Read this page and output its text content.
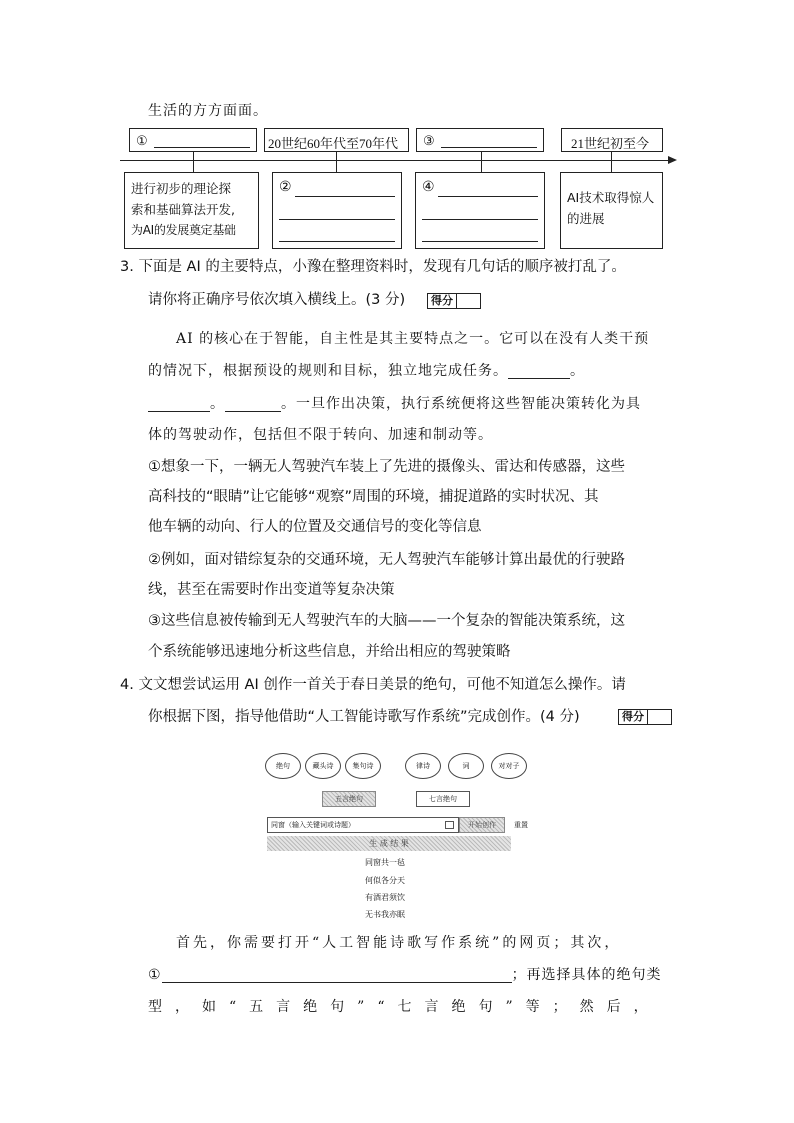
生活的方方面面。
①	20世纪60年代至70年代 ③	21世纪初至今
进行初步的理论探
索和基础算法开发,
为AI的发展奠定基础
②	④
AI技术取得惊人
的进展
3. 下面是 AI 的主要特点，小豫在整理资料时，发现有几句话的顺序被打乱了。
请你将正确序号依次填入横线上。(3 分) 得分
AI 的核心在于智能，自主性是其主要特点之一。它可以在没有人类干预
的情况下，根据预设的规则和目标，独立地完成任务。	。
。	。一旦作出决策，执行系统便将这些智能决策转化为具
体的驾驶动作，包括但不限于转向、加速和制动等。
①想象一下，一辆无人驾驶汽车装上了先进的摄像头、雷达和传感器，这些
高科技的“眼睛”让它能够“观察”周围的环境，捕捉道路的实时状况、其
他车辆的动向、行人的位置及交通信号的变化等信息
②例如，面对错综复杂的交通环境，无人驾驶汽车能够计算出最优的行驶路
线，甚至在需要时作出变道等复杂决策
③这些信息被传输到无人驾驶汽车的大脑——一个复杂的智能决策系统，这
个系统能够迅速地分析这些信息，并给出相应的驾驶策略
4. 文文想尝试运用 AI 创作一首关于春日美景的绝句，可他不知道怎么操作。请
你根据下图，指导他借助“人工智能诗歌写作系统”完成创作。(4 分)	得分
绝句	藏头诗	集句诗	律诗	词	对对子
五言绝句	七言绝句
同窗（输入关键词或诗题）	开始创作	重置
生 成 结 果
同窗共一毡
何似各分天
有酒君须饮
无书我亦眠
首先，你需要打开“人工智能诗歌写作系统”的网页；其次，
①	；再选择具体的绝句类
型，如“五言绝句”“七言绝句”等；然后，
